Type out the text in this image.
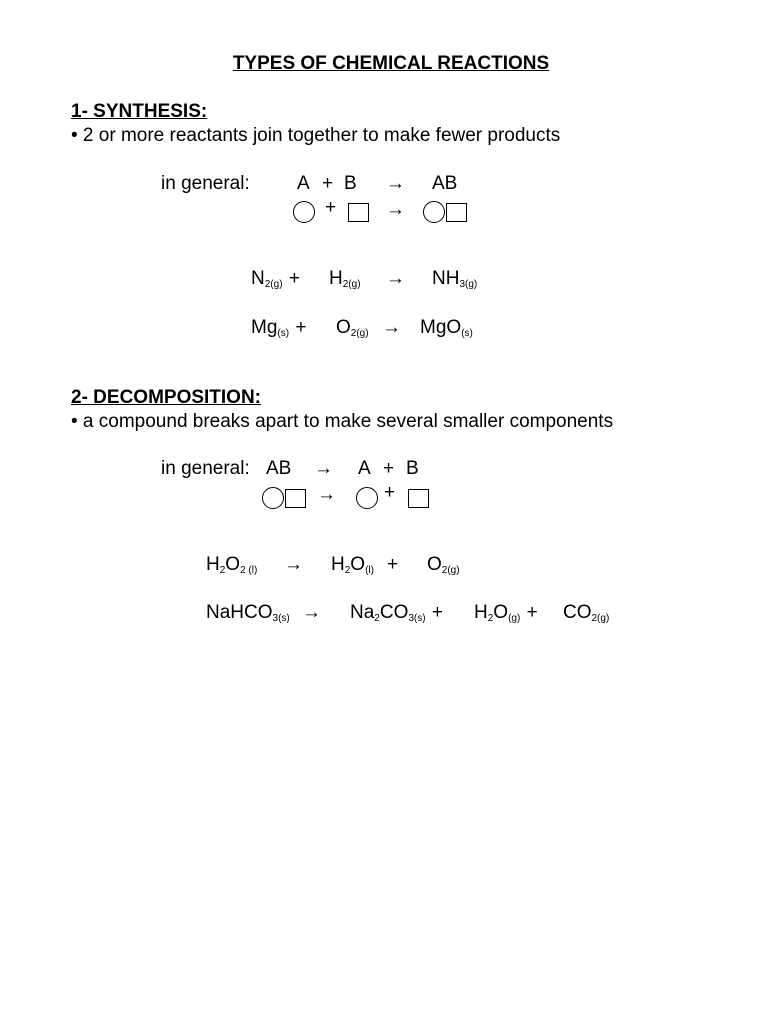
TYPES OF CHEMICAL REACTIONS
1- SYNTHESIS:
• 2 or more reactants join together to make fewer products
in general: A + B → AB
+	→
$N_{2(g)} + H_{2(g)} \to NH_{3(g)}$
$Mg_{(s)} + O_{2(g)} \to MgO_{(s)}$
2- DECOMPOSITION:
• a compound breaks apart to make several smaller components
in general: AB → A + B
→	+
$H_2O_{2 (l)} \to H_2O_{(l)} + O_{2(g)}$
NaHCO$_{3(s)}$ → $Na_2CO_{3(s)} + H_2O_{(g)} + CO_{2(g)}$
